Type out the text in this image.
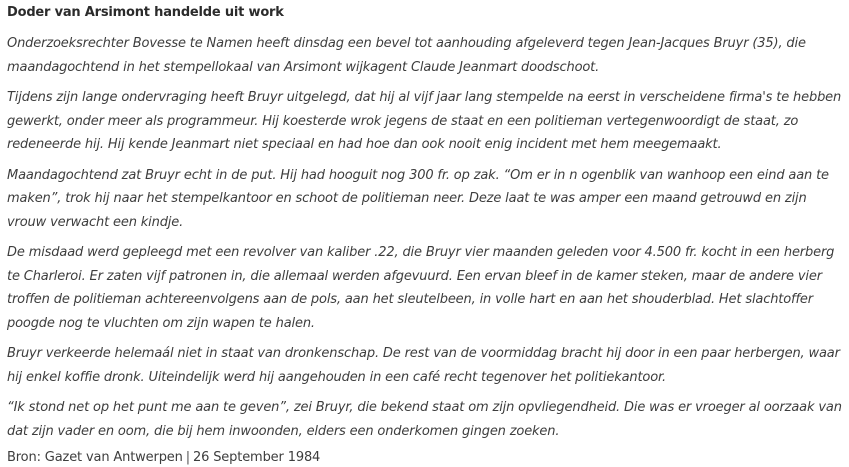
Doder van Arsimont handelde uit work

Onderzoeksrechter Bovesse te Namen heeft dinsdag een bevel tot aanhouding afgeleverd tegen Jean-Jacques Bruyr (35), die maandagochtend in het stempellokaal van Arsimont wijkagent Claude Jeanmart doodschoot.

Tijdens zijn lange ondervraging heeft Bruyr uitgelegd, dat hij al vijf jaar lang stempelde na eerst in verscheidene firma's te hebben gewerkt, onder meer als programmeur. Hij koesterde wrok jegens de staat en een politieman vertegenwoordigt de staat, zo redeneerde hij. Hij kende Jeanmart niet speciaal en had hoe dan ook nooit enig incident met hem meegemaakt.

Maandagochtend zat Bruyr echt in de put. Hij had hooguit nog 300 fr. op zak. “Om er in n ogenblik van wanhoop een eind aan te maken”, trok hij naar het stempelkantoor en schoot de politieman neer. Deze laat te was amper een maand getrouwd en zijn vrouw verwacht een kindje.

De misdaad werd gepleegd met een revolver van kaliber .22, die Bruyr vier maanden geleden voor 4.500 fr. kocht in een herberg te Charleroi. Er zaten vijf patronen in, die allemaal werden afgevuurd. Een ervan bleef in de kamer steken, maar de andere vier troffen de politieman achtereenvolgens aan de pols, aan het sleutelbeen, in volle hart en aan het shouderblad. Het slachtoffer poogde nog te vluchten om zijn wapen te halen.

Bruyr verkeerde helemaál niet in staat van dronkenschap. De rest van de voormiddag bracht hij door in een paar herbergen, waar hij enkel koffie dronk. Uiteindelijk werd hij aangehouden in een café recht tegenover het politiekantoor.

“Ik stond net op het punt me aan te geven”, zei Bruyr, die bekend staat om zijn opvliegendheid. Die was er vroeger al oorzaak van dat zijn vader en oom, die bij hem inwoonden, elders een onderkomen gingen zoeken.

Bron: Gazet van Antwerpen | 26 September 1984
